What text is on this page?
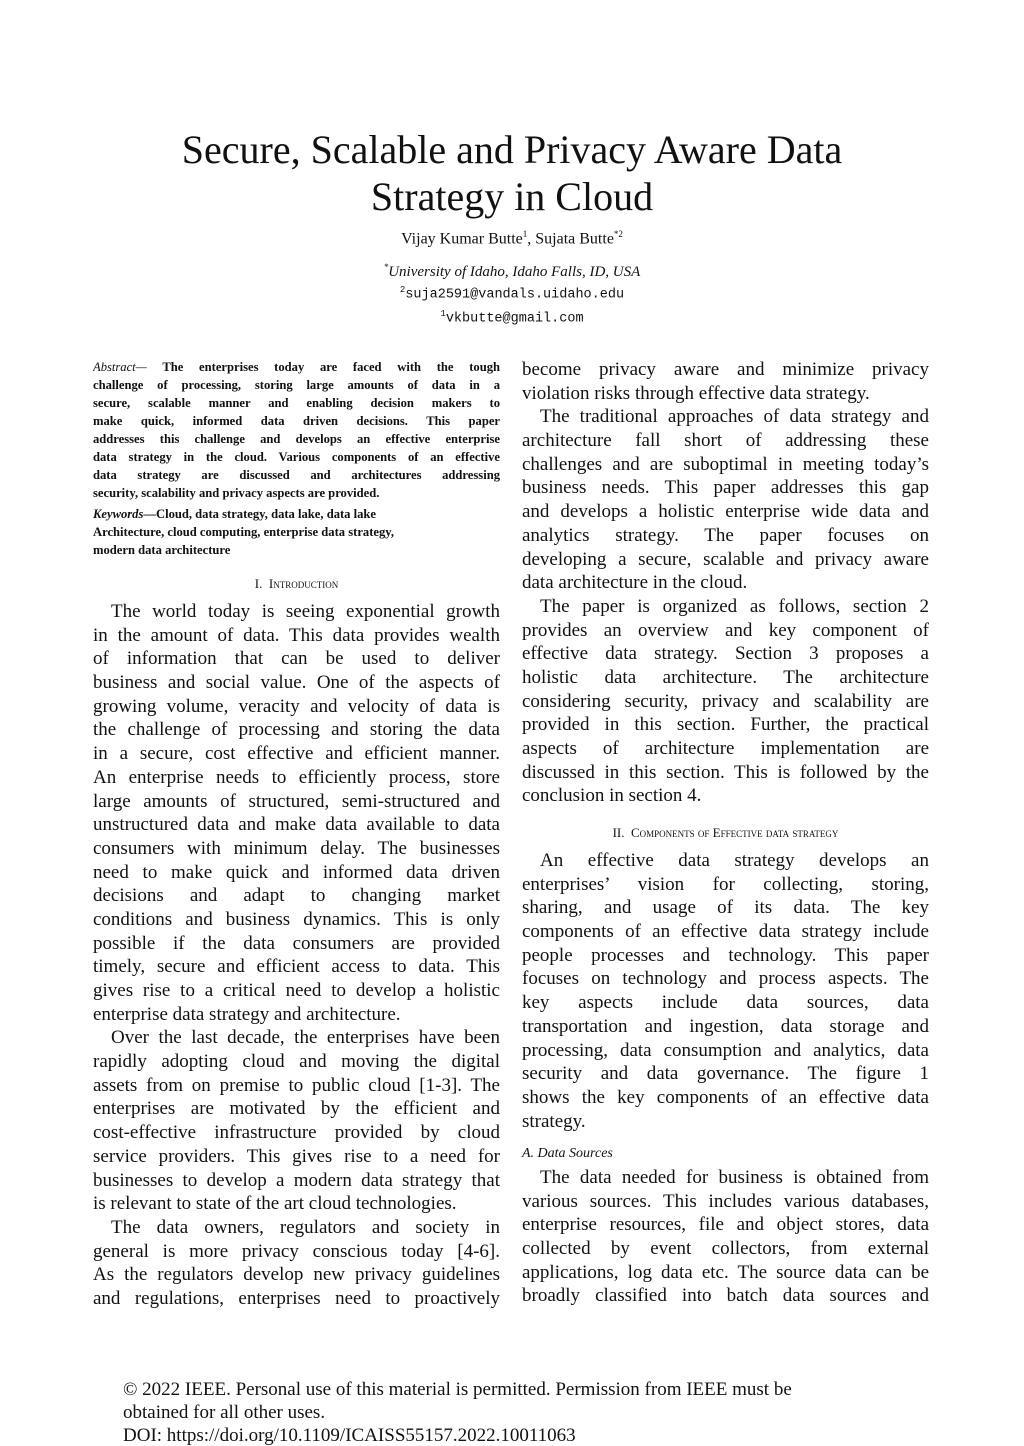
Secure, Scalable and Privacy Aware Data
Strategy in Cloud
Vijay Kumar Butte$^1$, Sujata Butte$^{*2}$
*University of Idaho, Idaho Falls, ID, USA
$^2$suja2591@vandals.uidaho.edu
$^1$vkbutte@gmail.com
Abstract— The enterprises today are faced with the tough
challenge of processing, storing large amounts of data in a
secure, scalable manner and enabling decision makers to
make quick, informed data driven decisions. This paper
addresses this challenge and develops an effective enterprise
data strategy in the cloud. Various components of an effective
data strategy are discussed and architectures addressing
security, scalability and privacy aspects are provided.
Keywords—Cloud, data strategy, data lake, data lake
Architecture, cloud computing, enterprise data strategy,
modern data architecture
I. Introduction
The world today is seeing exponential growth
in the amount of data. This data provides wealth
of information that can be used to deliver
business and social value. One of the aspects of
growing volume, veracity and velocity of data is
the challenge of processing and storing the data
in a secure, cost effective and efficient manner.
An enterprise needs to efficiently process, store
large amounts of structured, semi-structured and
unstructured data and make data available to data
consumers with minimum delay. The businesses
need to make quick and informed data driven
decisions and adapt to changing market
conditions and business dynamics. This is only
possible if the data consumers are provided
timely, secure and efficient access to data. This
gives rise to a critical need to develop a holistic
enterprise data strategy and architecture.
Over the last decade, the enterprises have been
rapidly adopting cloud and moving the digital
assets from on premise to public cloud [1-3]. The
enterprises are motivated by the efficient and
cost-effective infrastructure provided by cloud
service providers. This gives rise to a need for
businesses to develop a modern data strategy that
is relevant to state of the art cloud technologies.
The data owners, regulators and society in
general is more privacy conscious today [4-6].
As the regulators develop new privacy guidelines
and regulations, enterprises need to proactively
become privacy aware and minimize privacy
violation risks through effective data strategy.
The traditional approaches of data strategy and
architecture fall short of addressing these
challenges and are suboptimal in meeting today’s
business needs. This paper addresses this gap
and develops a holistic enterprise wide data and
analytics strategy. The paper focuses on
developing a secure, scalable and privacy aware
data architecture in the cloud.
The paper is organized as follows, section 2
provides an overview and key component of
effective data strategy. Section 3 proposes a
holistic data architecture. The architecture
considering security, privacy and scalability are
provided in this section. Further, the practical
aspects of architecture implementation are
discussed in this section. This is followed by the
conclusion in section 4.
II. Components of Effective data strategy
An effective data strategy develops an
enterprises’ vision for collecting, storing,
sharing, and usage of its data. The key
components of an effective data strategy include
people processes and technology. This paper
focuses on technology and process aspects. The
key aspects include data sources, data
transportation and ingestion, data storage and
processing, data consumption and analytics, data
security and data governance. The figure 1
shows the key components of an effective data
strategy.
A. Data Sources
The data needed for business is obtained from
various sources. This includes various databases,
enterprise resources, file and object stores, data
collected by event collectors, from external
applications, log data etc. The source data can be
broadly classified into batch data sources and
© 2022 IEEE. Personal use of this material is permitted. Permission from IEEE must be
obtained for all other uses.
DOI: https://doi.org/10.1109/ICAISS55157.2022.10011063
